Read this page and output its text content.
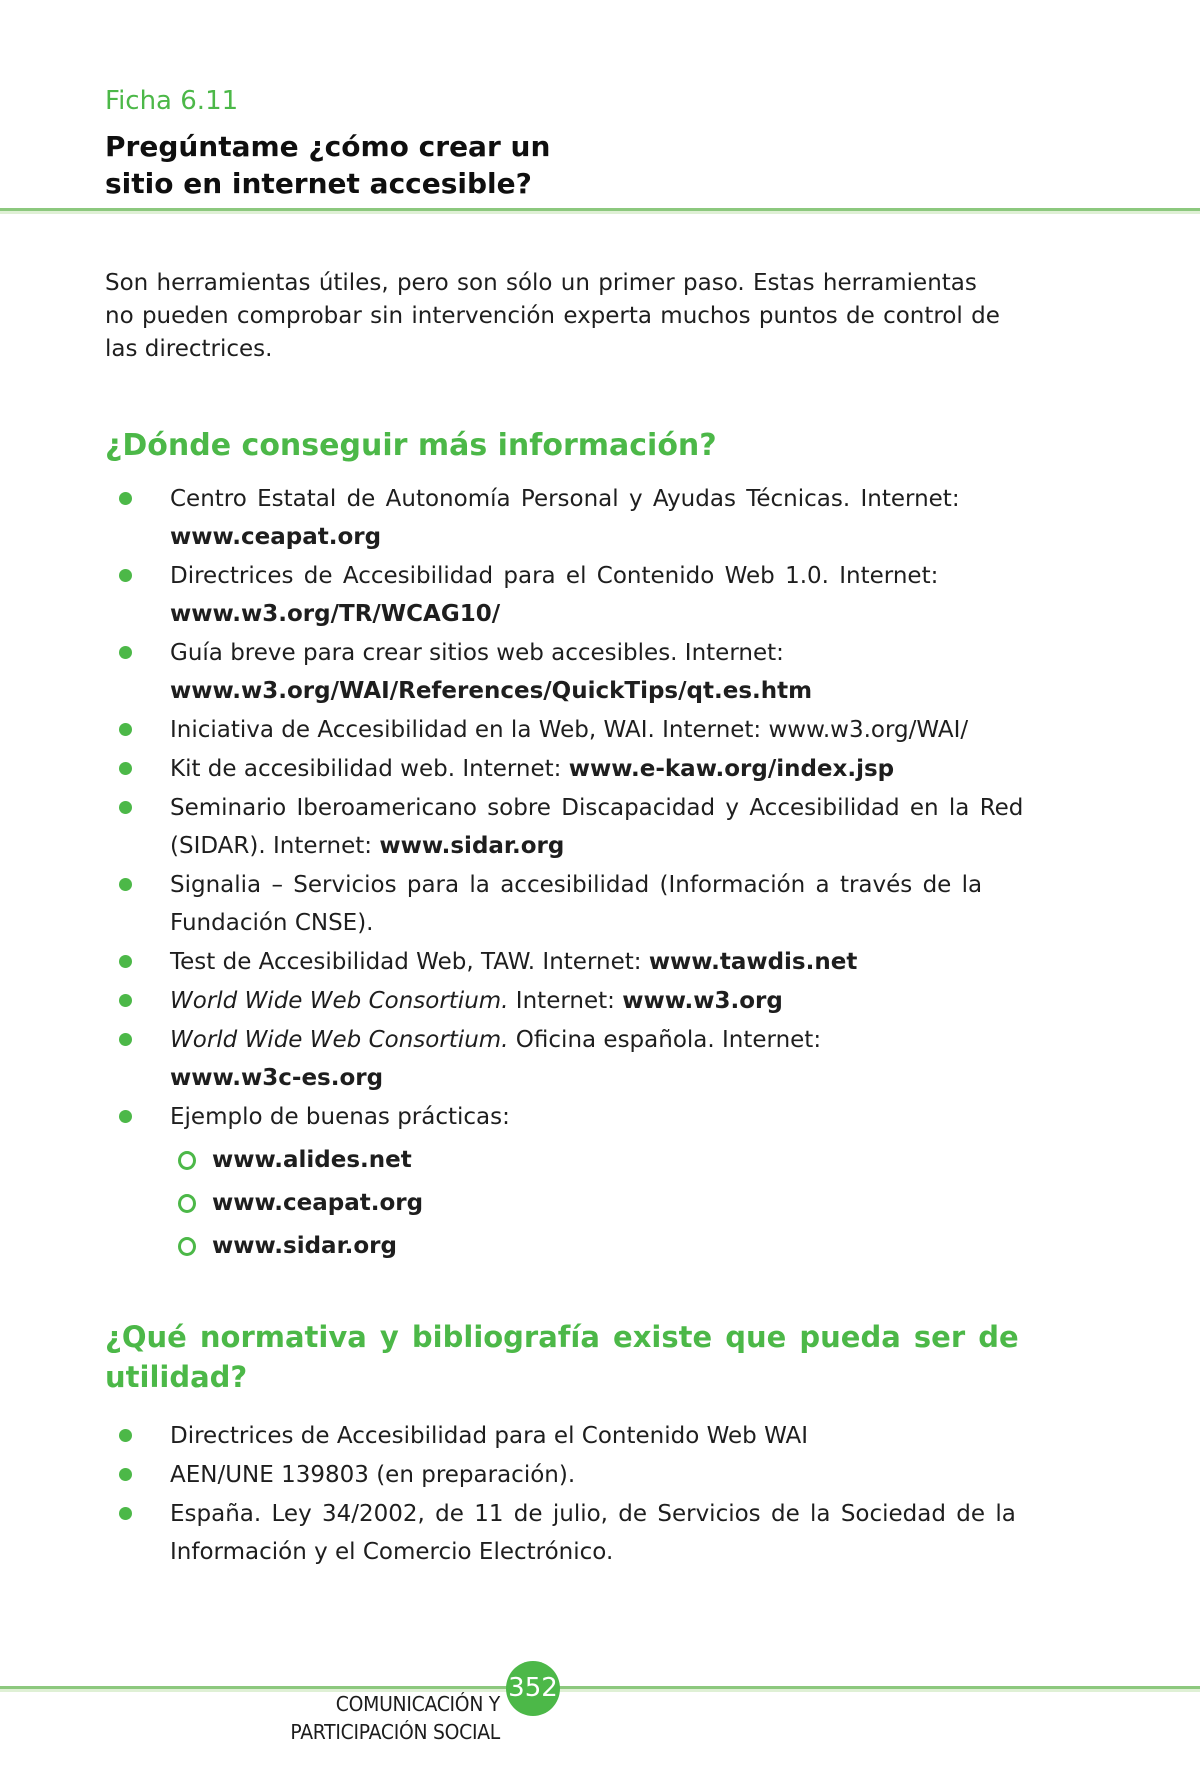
Ficha 6.11
Pregúntame ¿cómo crear un
sitio en internet accesible?
Son herramientas útiles, pero son sólo un primer paso. Estas herramientas
no pueden comprobar sin intervención experta muchos puntos de control de
las directrices.
¿Dónde conseguir más información?
Centro Estatal de Autonomía Personal y Ayudas Técnicas. Internet:
www.ceapat.org
Directrices de Accesibilidad para el Contenido Web 1.0. Internet:
www.w3.org/TR/WCAG10/
Guía breve para crear sitios web accesibles. Internet:
www.w3.org/WAI/References/QuickTips/qt.es.htm
Iniciativa de Accesibilidad en la Web, WAI. Internet: www.w3.org/WAI/
Kit de accesibilidad web. Internet: www.e-kaw.org/index.jsp
Seminario Iberoamericano sobre Discapacidad y Accesibilidad en la Red
(SIDAR). Internet: www.sidar.org
Signalia – Servicios para la accesibilidad (Información a través de la
Fundación CNSE).
Test de Accesibilidad Web, TAW. Internet: www.tawdis.net
World Wide Web Consortium. Internet: www.w3.org
World Wide Web Consortium. Oficina española. Internet:
www.w3c-es.org
Ejemplo de buenas prácticas:
www.alides.net
www.ceapat.org
www.sidar.org
¿Qué normativa y bibliografía existe que pueda ser de
utilidad?
Directrices de Accesibilidad para el Contenido Web WAI
AEN/UNE 139803 (en preparación).
España. Ley 34/2002, de 11 de julio, de Servicios de la Sociedad de la
Información y el Comercio Electrónico.
352
COMUNICACIÓN Y
PARTICIPACIÓN SOCIAL
